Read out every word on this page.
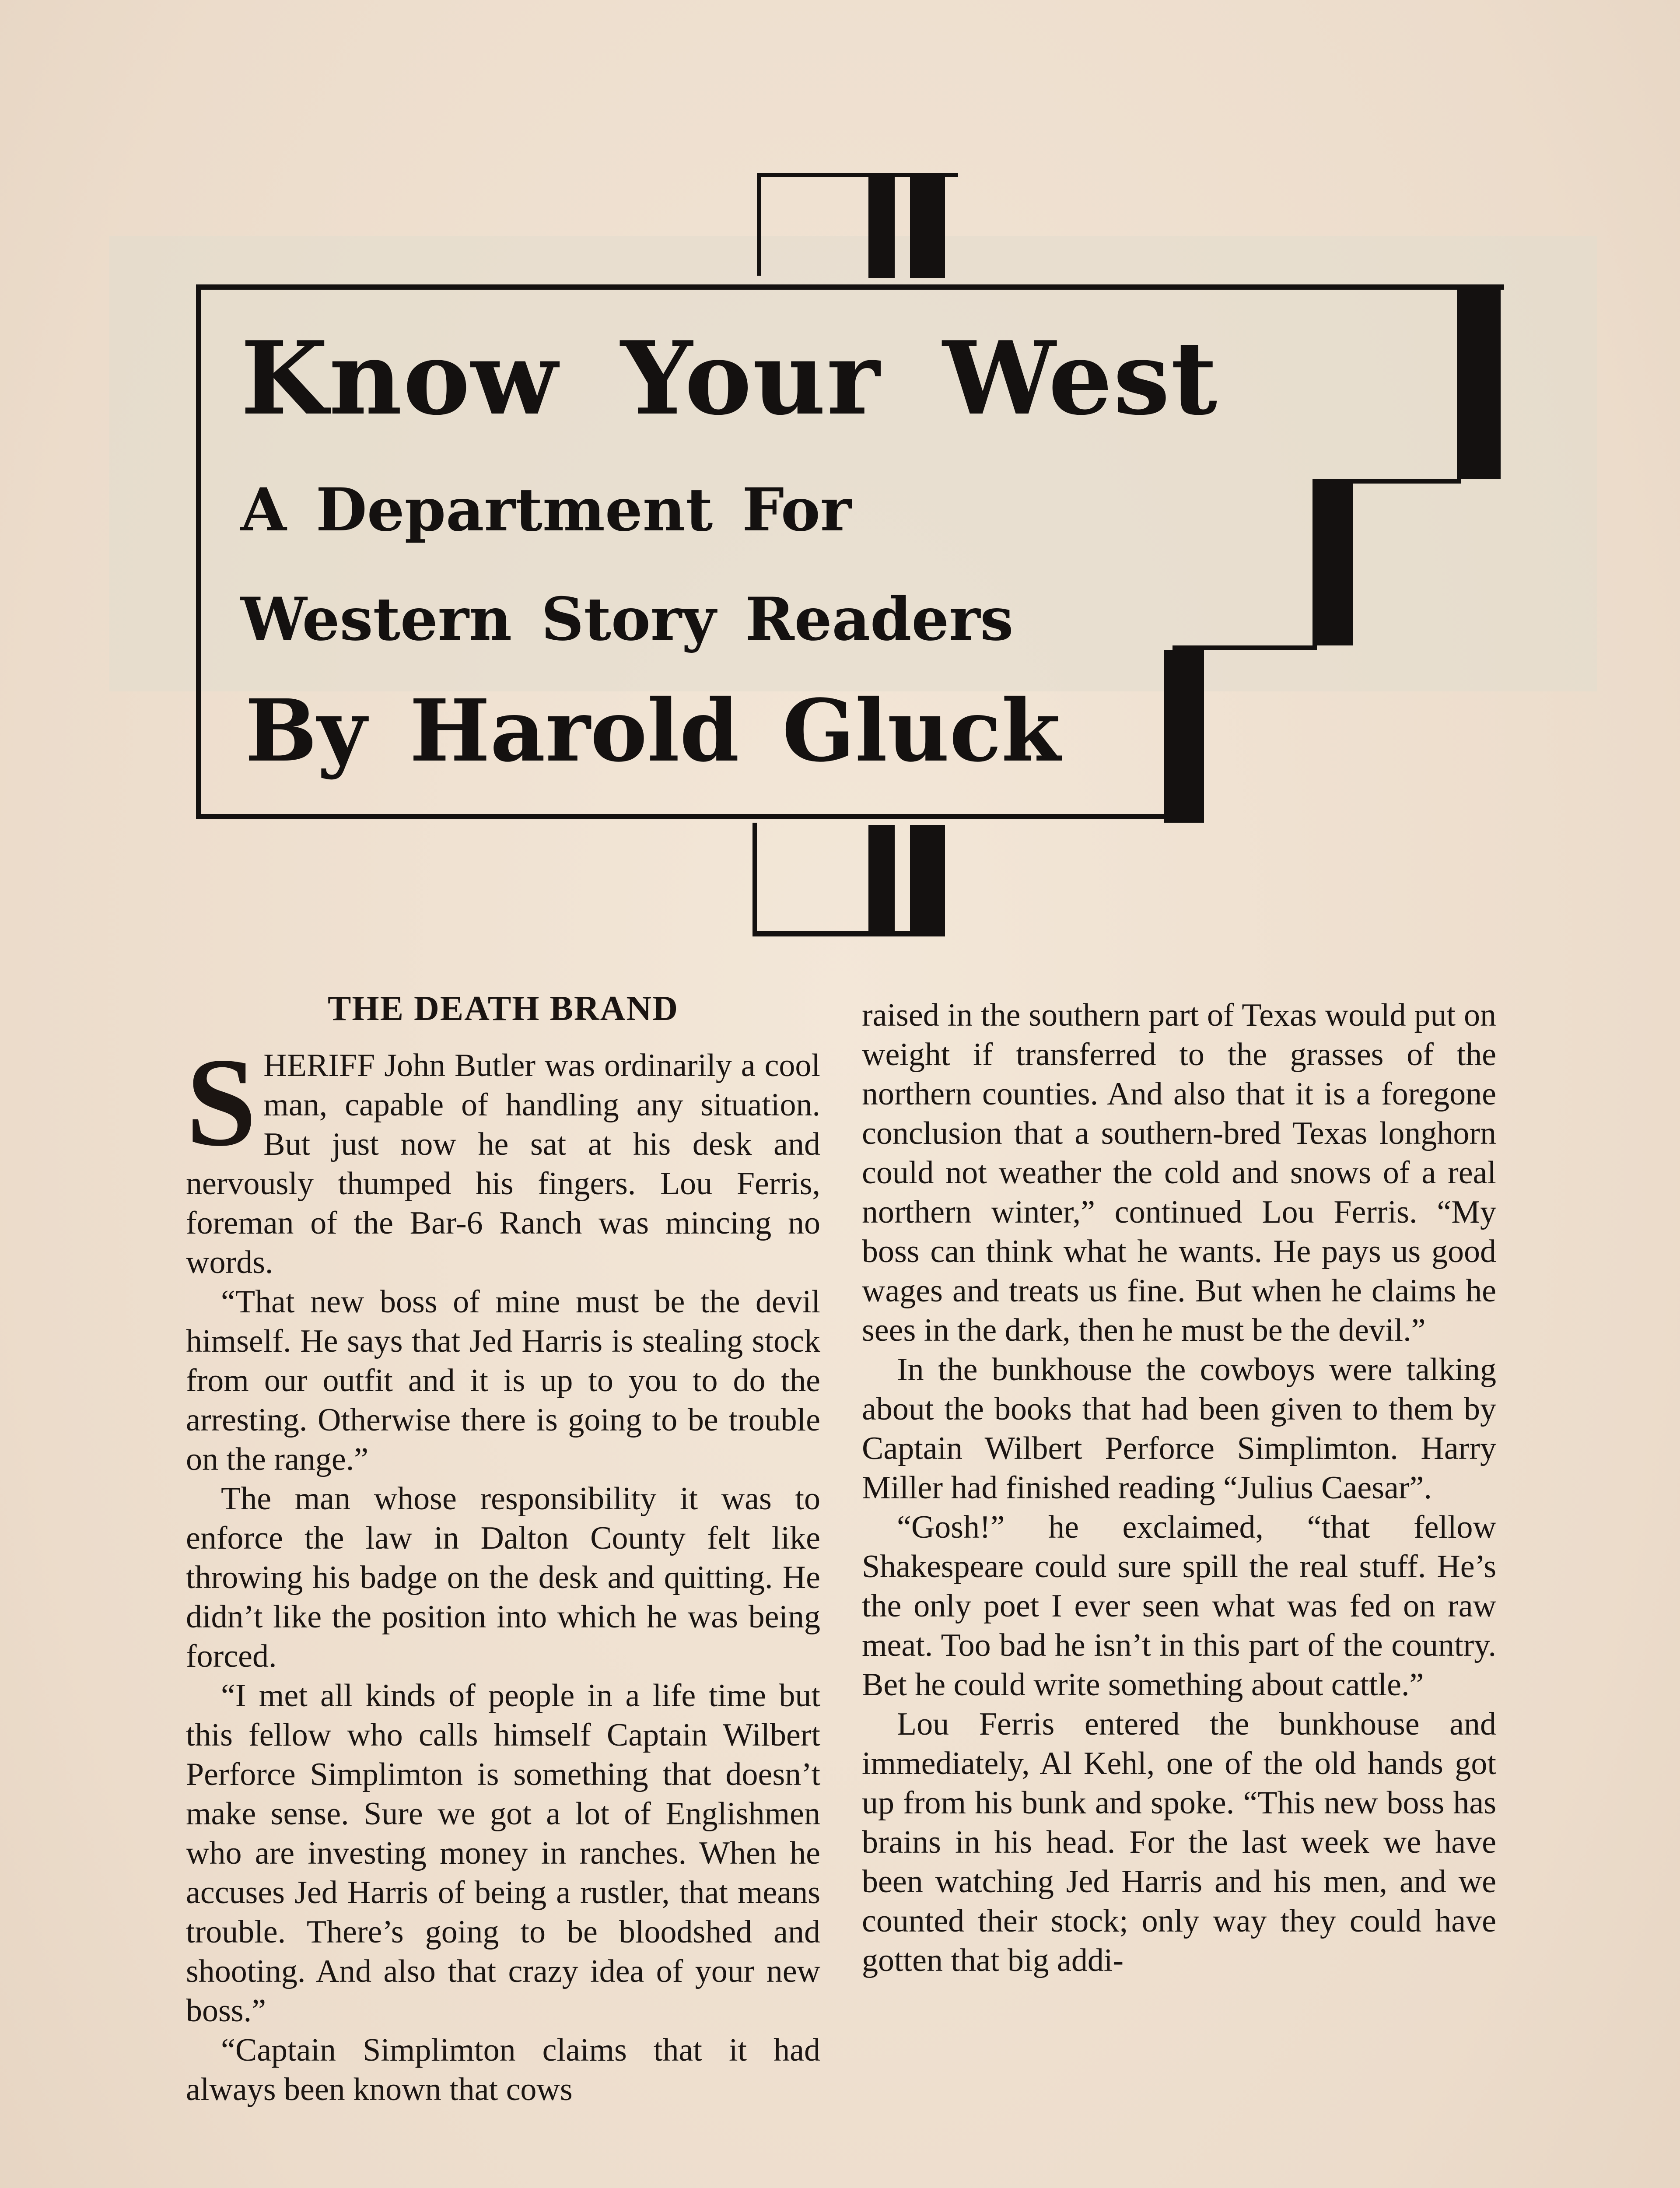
Know Your West
A Department For
Western Story Readers
By Harold Gluck
THE DEATH BRAND

SHERIFF John Butler was ordinarily a cool man, capable of handling any situation. But just now he sat at his desk and nervously thumped his fingers. Lou Ferris, foreman of the Bar-6 Ranch was mincing no words.

“That new boss of mine must be the devil himself. He says that Jed Harris is stealing stock from our outfit and it is up to you to do the arresting. Otherwise there is going to be trouble on the range.”

The man whose responsibility it was to enforce the law in Dalton County felt like throwing his badge on the desk and quitting. He didn’t like the position into which he was being forced.

“I met all kinds of people in a life time but this fellow who calls himself Captain Wilbert Perforce Simplimton is something that doesn’t make sense. Sure we got a lot of Englishmen who are investing money in ranches. When he accuses Jed Harris of being a rustler, that means trouble. There’s going to be bloodshed and shooting. And also that crazy idea of your new boss.”

“Captain Simplimton claims that it had always been known that cows

raised in the southern part of Texas would put on weight if transferred to the grasses of the northern counties. And also that it is a foregone conclusion that a southern-bred Texas longhorn could not weather the cold and snows of a real northern winter,” continued Lou Ferris. “My boss can think what he wants. He pays us good wages and treats us fine. But when he claims he sees in the dark, then he must be the devil.”

In the bunkhouse the cowboys were talking about the books that had been given to them by Captain Wilbert Perforce Simplimton. Harry Miller had finished reading “Julius Caesar”.

“Gosh!” he exclaimed, “that fellow Shakespeare could sure spill the real stuff. He’s the only poet I ever seen what was fed on raw meat. Too bad he isn’t in this part of the country. Bet he could write something about cattle.”

Lou Ferris entered the bunkhouse and immediately, Al Kehl, one of the old hands got up from his bunk and spoke. “This new boss has brains in his head. For the last week we have been watching Jed Harris and his men, and we counted their stock; only way they could have gotten that big addi-
